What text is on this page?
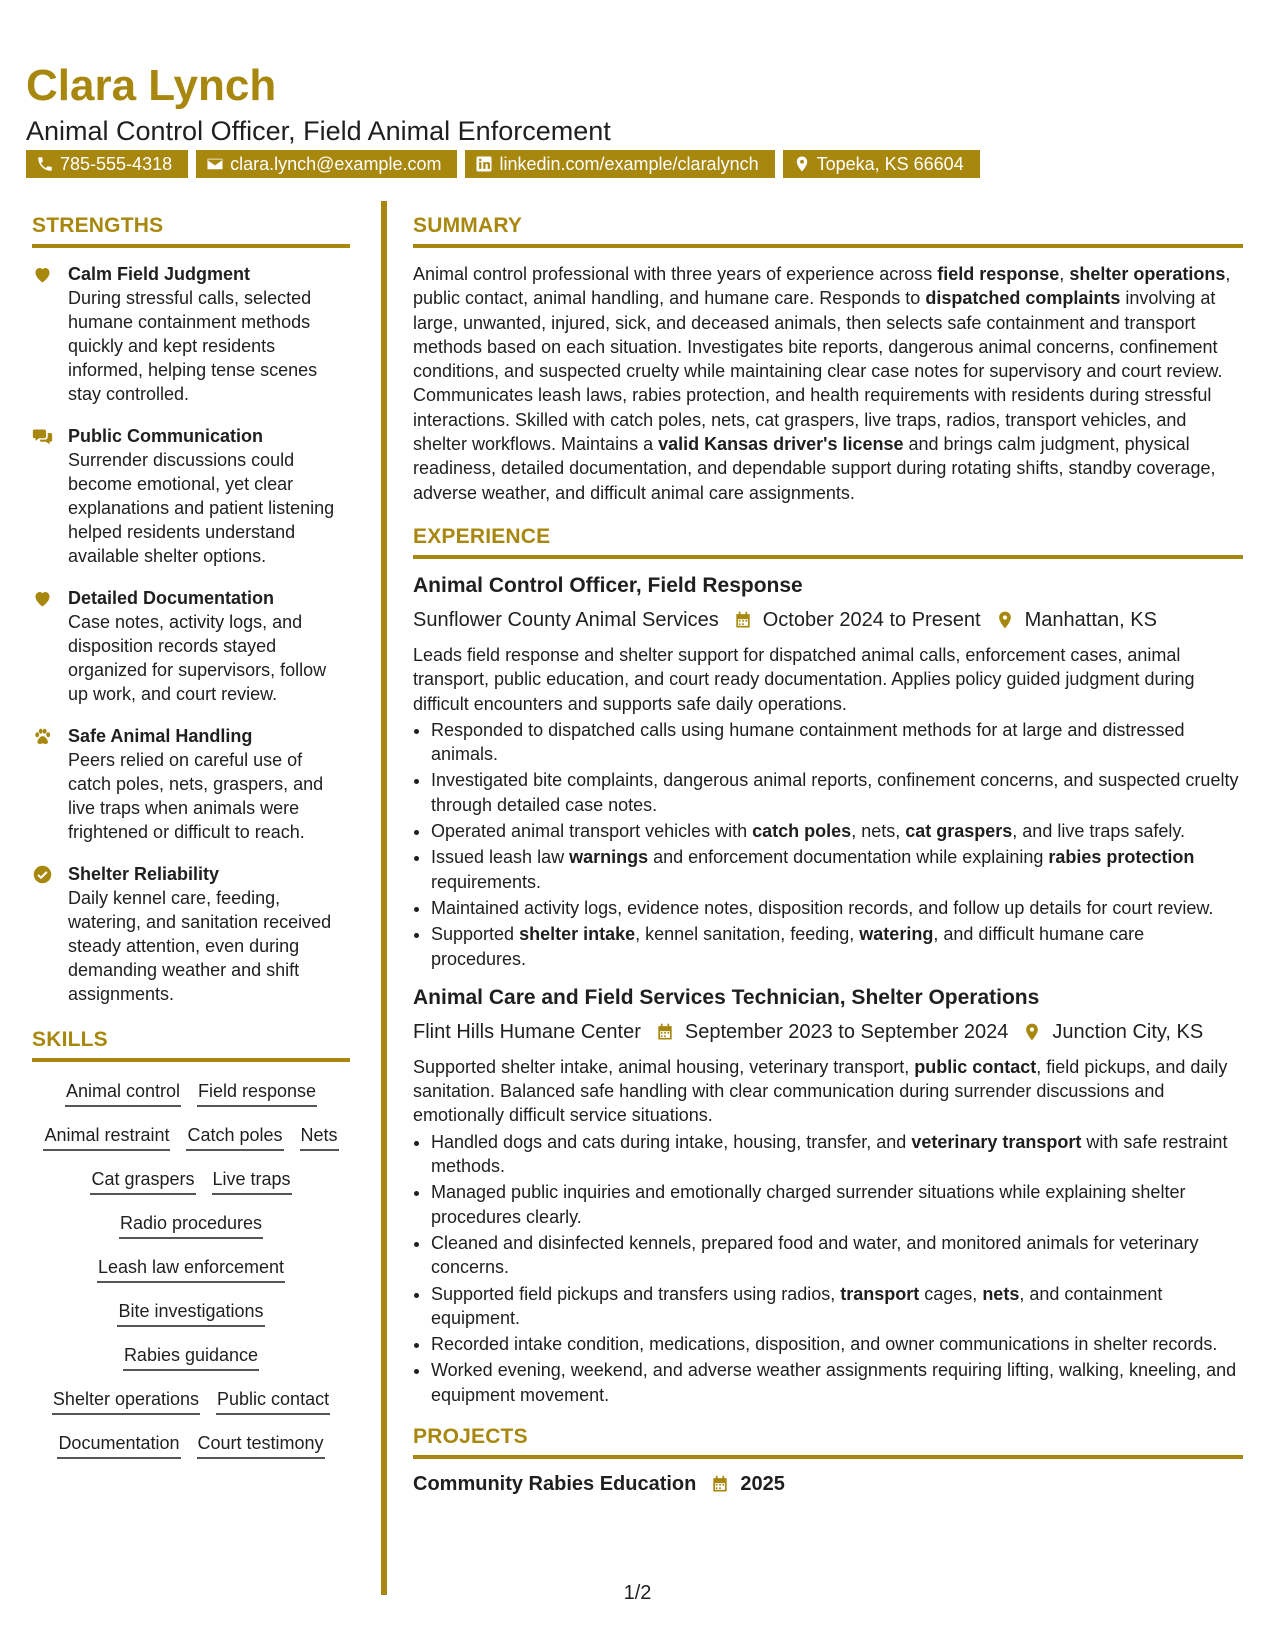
Clara Lynch
Animal Control Officer, Field Animal Enforcement
785-555-4318	clara.lynch@example.com	linkedin.com/example/claralynch	Topeka, KS 66604
STRENGTHS
Calm Field Judgment
During stressful calls, selected humane containment methods quickly and kept residents informed, helping tense scenes stay controlled.
Public Communication
Surrender discussions could become emotional, yet clear explanations and patient listening helped residents understand available shelter options.
Detailed Documentation
Case notes, activity logs, and disposition records stayed organized for supervisors, follow up work, and court review.
Safe Animal Handling
Peers relied on careful use of catch poles, nets, graspers, and live traps when animals were frightened or difficult to reach.
Shelter Reliability
Daily kennel care, feeding, watering, and sanitation received steady attention, even during demanding weather and shift assignments.
SKILLS
Animal control Field response
Animal restraint Catch poles Nets
Cat graspers Live traps
Radio procedures
Leash law enforcement
Bite investigations
Rabies guidance
Shelter operations Public contact
Documentation Court testimony
SUMMARY

Animal control professional with three years of experience across field response, shelter operations, public contact, animal handling, and humane care. Responds to dispatched complaints involving at large, unwanted, injured, sick, and deceased animals, then selects safe containment and transport methods based on each situation. Investigates bite reports, dangerous animal concerns, confinement conditions, and suspected cruelty while maintaining clear case notes for supervisory and court review. Communicates leash laws, rabies protection, and health requirements with residents during stressful interactions. Skilled with catch poles, nets, cat graspers, live traps, radios, transport vehicles, and shelter workflows. Maintains a valid Kansas driver's license and brings calm judgment, physical readiness, detailed documentation, and dependable support during rotating shifts, standby coverage, adverse weather, and difficult animal care assignments.

EXPERIENCE
Animal Control Officer, Field Response
Sunflower County Animal Services October 2024 to Present Manhattan, KS
Leads field response and shelter support for dispatched animal calls, enforcement cases, animal transport, public education, and court ready documentation. Applies policy guided judgment during difficult encounters and supports safe daily operations.
• Responded to dispatched calls using humane containment methods for at large and distressed animals.
• Investigated bite complaints, dangerous animal reports, confinement concerns, and suspected cruelty through detailed case notes.
• Operated animal transport vehicles with catch poles, nets, cat graspers, and live traps safely.
• Issued leash law warnings and enforcement documentation while explaining rabies protection requirements.
• Maintained activity logs, evidence notes, disposition records, and follow up details for court review.
• Supported shelter intake, kennel sanitation, feeding, watering, and difficult humane care procedures.
Animal Care and Field Services Technician, Shelter Operations
Flint Hills Humane Center September 2023 to September 2024 Junction City, KS
Supported shelter intake, animal housing, veterinary transport, public contact, field pickups, and daily sanitation. Balanced safe handling with clear communication during surrender discussions and emotionally difficult service situations.
• Handled dogs and cats during intake, housing, transfer, and veterinary transport with safe restraint methods.
• Managed public inquiries and emotionally charged surrender situations while explaining shelter procedures clearly.
• Cleaned and disinfected kennels, prepared food and water, and monitored animals for veterinary concerns.
• Supported field pickups and transfers using radios, transport cages, nets, and containment equipment.
• Recorded intake condition, medications, disposition, and owner communications in shelter records.
• Worked evening, weekend, and adverse weather assignments requiring lifting, walking, kneeling, and equipment movement.
PROJECTS
Community Rabies Education 2025
1/2
